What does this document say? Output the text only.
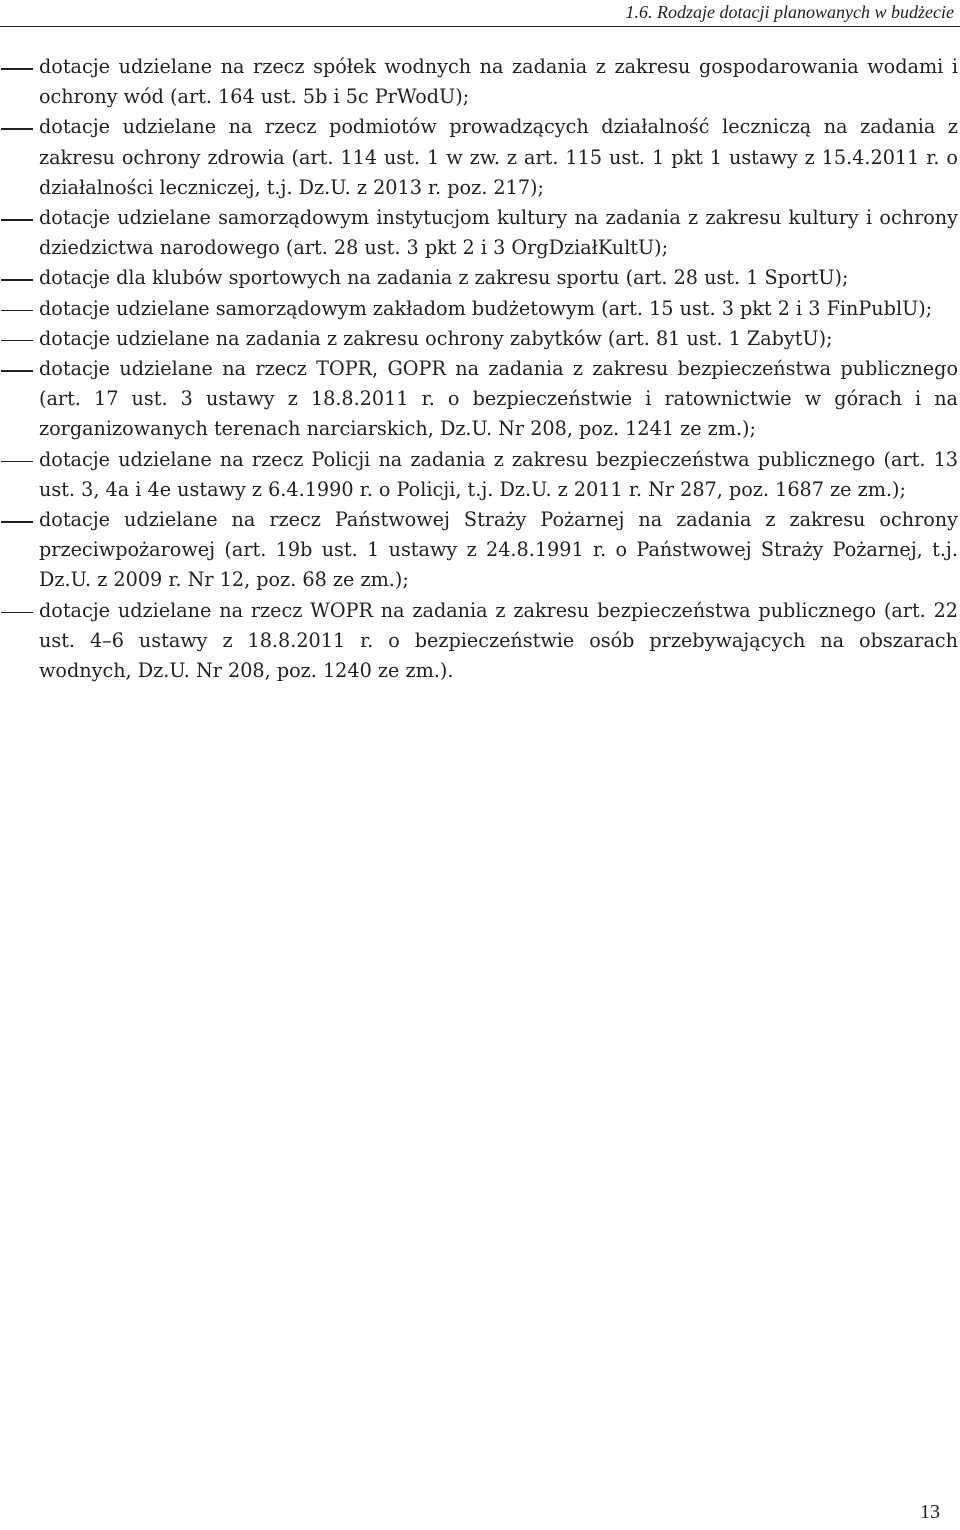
1.6. Rodzaje dotacji planowanych w budżecie
dotacje udzielane na rzecz spółek wodnych na zadania z zakresu gospodarowania wodami i ochrony wód (art. 164 ust. 5b i 5c PrWodU);
dotacje udzielane na rzecz podmiotów prowadzących działalność leczniczą na zadania z zakresu ochrony zdrowia (art. 114 ust. 1 w zw. z art. 115 ust. 1 pkt 1 ustawy z 15.4.2011 r. o działalności leczniczej, t.j. Dz.U. z 2013 r. poz. 217);
dotacje udzielane samorządowym instytucjom kultury na zadania z zakresu kultury i ochrony dziedzictwa narodowego (art. 28 ust. 3 pkt 2 i 3 OrgDziałKultU);
dotacje dla klubów sportowych na zadania z zakresu sportu (art. 28 ust. 1 SportU);
dotacje udzielane samorządowym zakładom budżetowym (art. 15 ust. 3 pkt 2 i 3 FinPublU);
dotacje udzielane na zadania z zakresu ochrony zabytków (art. 81 ust. 1 ZabytU);
dotacje udzielane na rzecz TOPR, GOPR na zadania z zakresu bezpieczeństwa publicznego (art. 17 ust. 3 ustawy z 18.8.2011 r. o bezpieczeństwie i ratownictwie w górach i na zorganizowanych terenach narciarskich, Dz.U. Nr 208, poz. 1241 ze zm.);
dotacje udzielane na rzecz Policji na zadania z zakresu bezpieczeństwa publicznego (art. 13 ust. 3, 4a i 4e ustawy z 6.4.1990 r. o Policji, t.j. Dz.U. z 2011 r. Nr 287, poz. 1687 ze zm.);
dotacje udzielane na rzecz Państwowej Straży Pożarnej na zadania z zakresu ochrony przeciwpożarowej (art. 19b ust. 1 ustawy z 24.8.1991 r. o Państwowej Straży Pożarnej, t.j. Dz.U. z 2009 r. Nr 12, poz. 68 ze zm.);
dotacje udzielane na rzecz WOPR na zadania z zakresu bezpieczeństwa publicznego (art. 22 ust. 4–6 ustawy z 18.8.2011 r. o bezpieczeństwie osób przebywających na obszarach wodnych, Dz.U. Nr 208, poz. 1240 ze zm.).
13
